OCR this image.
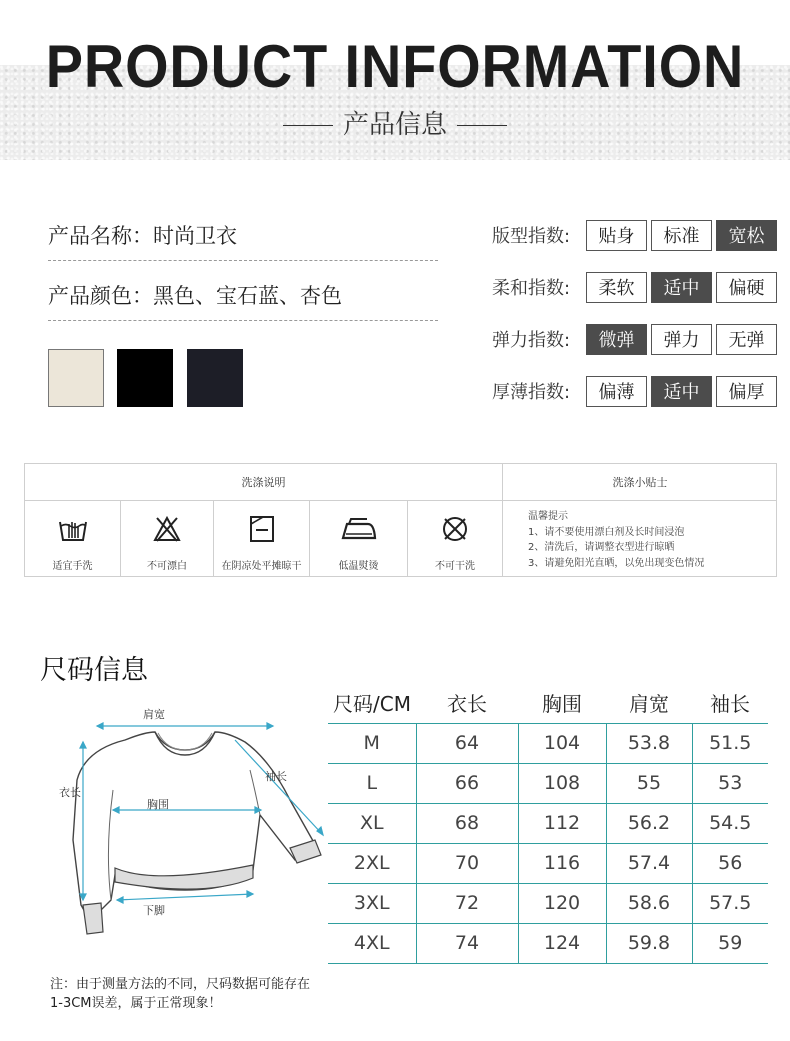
PRODUCT INFORMATION
产品信息
产品名称：时尚卫衣
产品颜色：黑色、宝石蓝、杏色
版型指数:	贴身	标准	宽松
柔和指数:	柔软	适中	偏硬
弹力指数:	微弹	弹力	无弹
厚薄指数:	偏薄	适中	偏厚
洗涤说明	洗涤小贴士
适宜手洗	不可漂白	在阴凉处平摊晾干	低温熨烫	不可干洗
温馨提示
1、请不要使用漂白剂及长时间浸泡
2、清洗后，请调整衣型进行晾晒
3、请避免阳光直晒，以免出现变色情况
尺码信息
肩宽
袖长
衣长
胸围
下脚
尺码/CM	衣长	胸围	肩宽	袖长
M	64	104	53.8	51.5
L	66	108	55	53
XL	68	112	56.2	54.5
2XL	70	116	57.4	56
3XL	72	120	58.6	57.5
4XL	74	124	59.8	59
注：由于测量方法的不同，尺码数据可能存在
1-3CM误差，属于正常现象！
